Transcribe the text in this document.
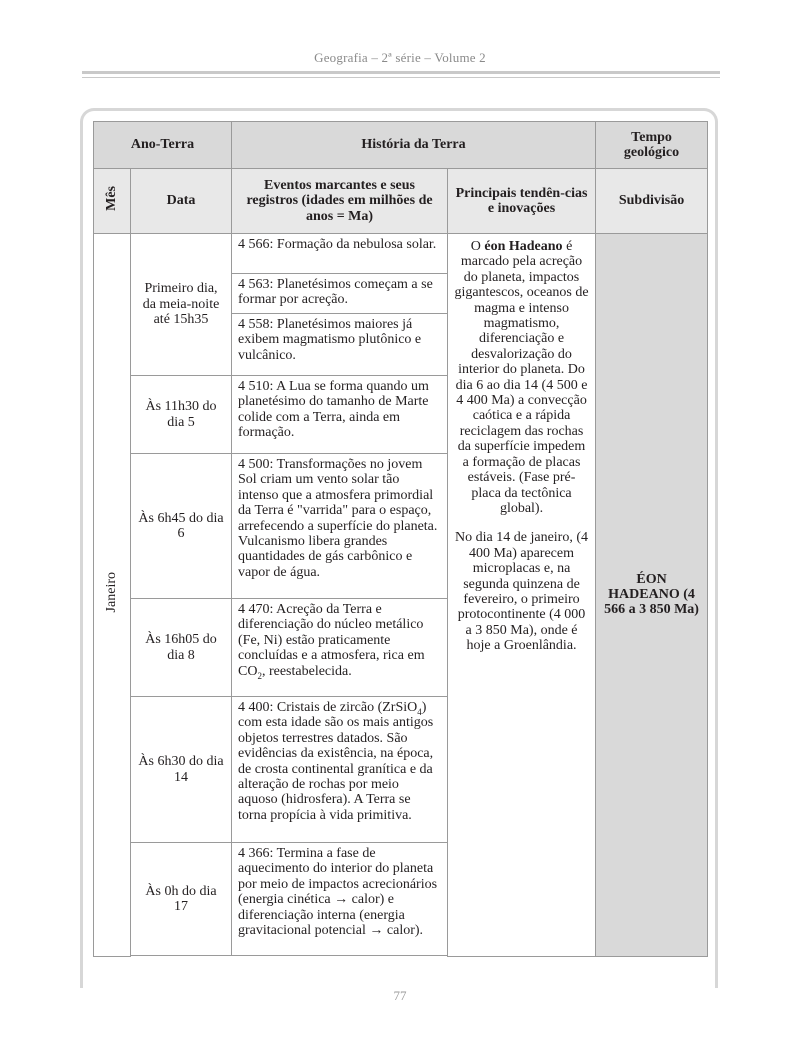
Geografia – 2ª série – Volume 2
Ano-Terra		História da Terra		Tempo geológico

Mês	Data	Eventos marcantes e seus registros (idades em milhões de anos = Ma)	Principais tendên-cias e inovações	Subdivisão
Janeiro	Primeiro dia, da meia-noite até 15h35	4 566: Formação da nebulosa solar.	O éon Hadeano é marcado pela acreção do planeta, impactos gigantescos, oceanos de magma e intenso magmatismo, diferenciação e desvalorização do interior do planeta. Do dia 6 ao dia 14 (4 500 e 4 400 Ma) a convecção caótica e a rápida reciclagem das rochas da superfície impedem a formação de placas estáveis. (Fase pré-placa da tectônica global).
No dia 14 de janeiro, (4 400 Ma) aparecem microplacas e, na segunda quinzena de fevereiro, o primeiro protocontinente (4 000 a 3 850 Ma), onde é hoje a Groenlândia.	ÉON HADEANO (4 566 a 3 850 Ma)

		4 563: Planetésimos começam a se formar por acreção.		
		4 558: Planetésimos maiores já exibem magmatismo plutônico e vulcânico.		

	Às 11h30 do dia 5	4 510: A Lua se forma quando um planetésimo do tamanho de Marte colide com a Terra, ainda em formação.		

	Às 6h45 do dia 6	4 500: Transformações no jovem Sol criam um vento solar tão intenso que a atmosfera primordial da Terra é "varrida" para o espaço, arrefecendo a superfície do planeta. Vulcanismo libera grandes quantidades de gás carbônico e vapor de água.		

	Às 16h05 do dia 8	4 470: Acreção da Terra e diferenciação do núcleo metálico (Fe, Ni) estão praticamente concluídas e a atmosfera, rica em $CO_2$, reestabelecida.		

	Às 6h30 do dia 14	4 400: Cristais de zircão (ZrSiO$_4$) com esta idade são os mais antigos objetos terrestres datados. São evidências da existência, na época, de crosta continental granítica e da alteração de rochas por meio aquoso (hidrosfera). A Terra se torna propícia à vida primitiva.		

	Às 0h do dia 17	4 366: Termina a fase de aquecimento do interior do planeta por meio de impactos acrecionários (energia cinética → calor) e diferenciação interna (energia gravitacional potencial → calor).		

77
